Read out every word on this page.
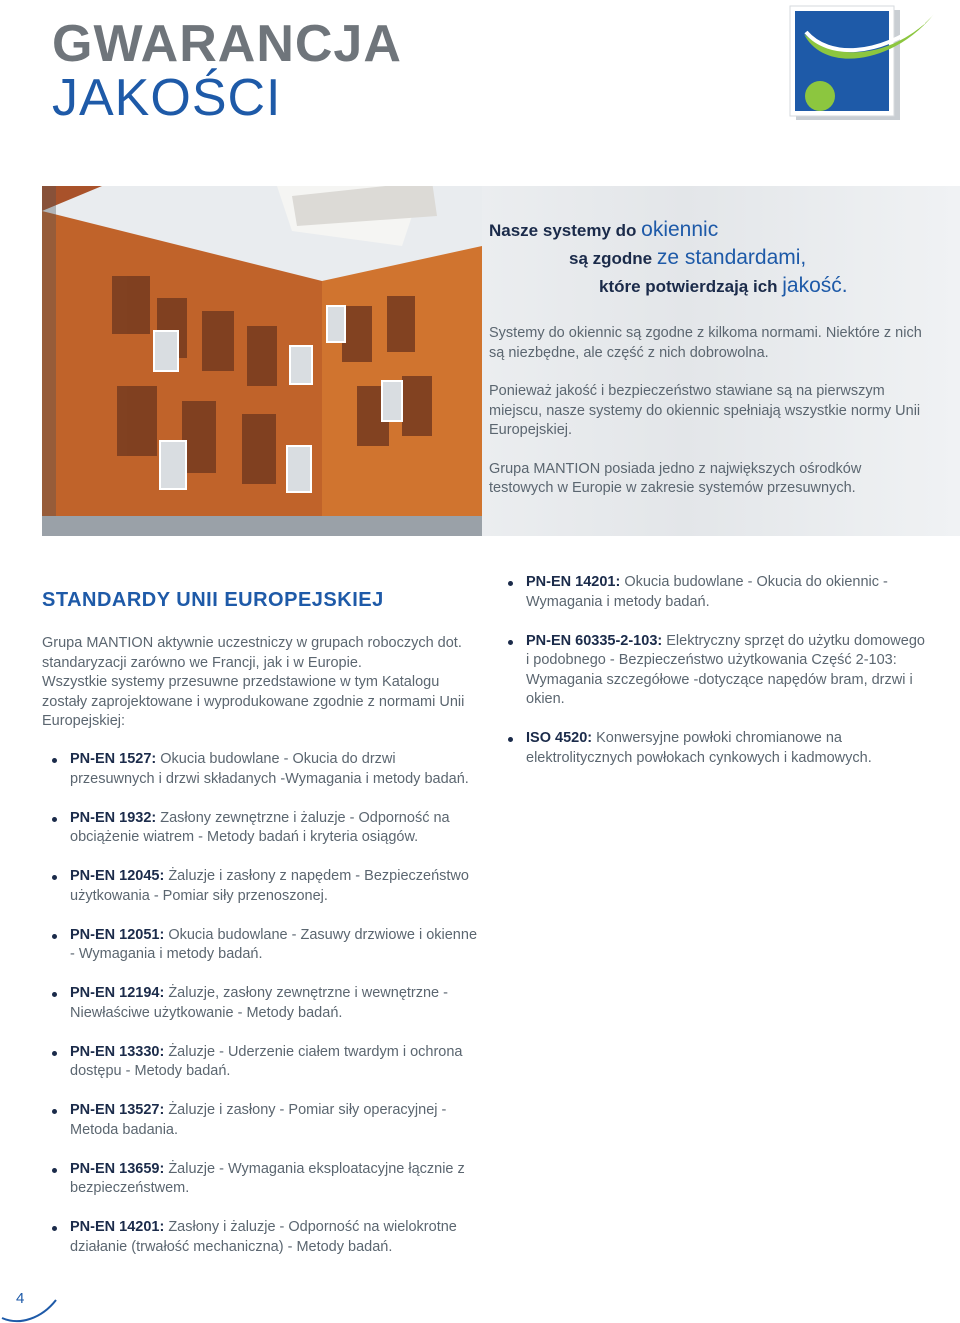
GWARANCJA
JAKOŚCI
Nasze systemy do okiennic
są zgodne ze standardami,
które potwierdzają ich jakość.

Systemy do okiennic są zgodne z kilkoma normami. Niektóre z nich są niezbędne, ale część z nich dobrowolna.

Ponieważ jakość i bezpieczeństwo stawiane są na pierwszym miejscu, nasze systemy do okiennic spełniają wszystkie normy Unii Europejskiej.

Grupa MANTION posiada jedno z największych ośrodków testowych w Europie w zakresie systemów przesuwnych.

STANDARDY UNII EUROPEJSKIEJ

Grupa MANTION aktywnie uczestniczy w grupach roboczych dot. standaryzacji zarówno we Francji, jak i w Europie.

Wszystkie systemy przesuwne przedstawione w tym Katalogu zostały zaprojektowane i wyprodukowane zgodnie z normami Unii Europejskiej:

PN-EN 1527: Okucia budowlane - Okucia do drzwi przesuwnych i drzwi składanych -Wymagania i metody badań.
PN-EN 1932: Zasłony zewnętrzne i żaluzje - Odporność na obciążenie wiatrem - Metody badań i kryteria osiągów.
PN-EN 12045: Żaluzje i zasłony z napędem - Bezpieczeństwo użytkowania - Pomiar siły przenoszonej.
PN-EN 12051: Okucia budowlane - Zasuwy drzwiowe i okienne - Wymagania i metody badań.
PN-EN 12194: Żaluzje, zasłony zewnętrzne i wewnętrzne - Niewłaściwe użytkowanie - Metody badań.
PN-EN 13330: Żaluzje - Uderzenie ciałem twardym i ochrona dostępu - Metody badań.
PN-EN 13527: Żaluzje i zasłony - Pomiar siły operacyjnej - Metoda badania.
PN-EN 13659: Żaluzje - Wymagania eksploatacyjne łącznie z bezpieczeństwem.
PN-EN 14201: Zasłony i żaluzje - Odporność na wielokrotne działanie (trwałość mechaniczna) - Metody badań.
PN-EN 14201: Okucia budowlane - Okucia do okiennic - Wymagania i metody badań.
PN-EN 60335-2-103: Elektryczny sprzęt do użytku domowego i podobnego - Bezpieczeństwo użytkowania Część 2-103: Wymagania szczegółowe -dotyczące napędów bram, drzwi i okien.
ISO 4520: Konwersyjne powłoki chromianowe na elektrolitycznych powłokach cynkowych i kadmowych.
4
